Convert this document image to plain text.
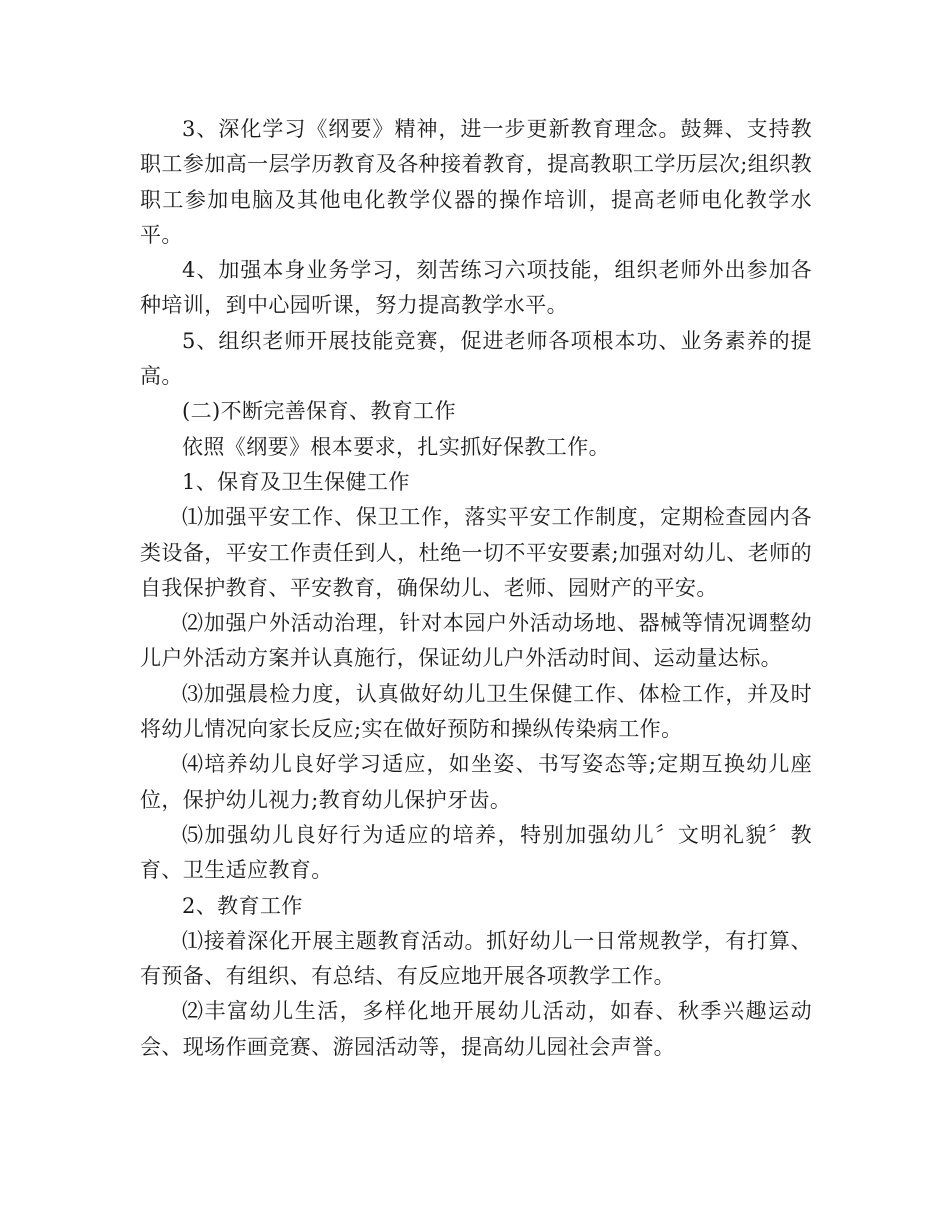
3、深化学习《纲要》精神，进一步更新教育理念。鼓舞、支持教职工参加高一层学历教育及各种接着教育，提高教职工学历层次;组织教职工参加电脑及其他电化教学仪器的操作培训，提高老师电化教学水平。

4、加强本身业务学习，刻苦练习六项技能，组织老师外出参加各种培训，到中心园听课，努力提高教学水平。

5、组织老师开展技能竞赛，促进老师各项根本功、业务素养的提高。

(二)不断完善保育、教育工作

依照《纲要》根本要求，扎实抓好保教工作。

1、保育及卫生保健工作

⑴加强平安工作、保卫工作，落实平安工作制度，定期检查园内各类设备，平安工作责任到人，杜绝一切不平安要素;加强对幼儿、老师的自我保护教育、平安教育，确保幼儿、老师、园财产的平安。

⑵加强户外活动治理，针对本园户外活动场地、器械等情况调整幼儿户外活动方案并认真施行，保证幼儿户外活动时间、运动量达标。

⑶加强晨检力度，认真做好幼儿卫生保健工作、体检工作，并及时将幼儿情况向家长反应;实在做好预防和操纵传染病工作。

⑷培养幼儿良好学习适应，如坐姿、书写姿态等;定期互换幼儿座位，保护幼儿视力;教育幼儿保护牙齿。

⑸加强幼儿良好行为适应的培养，特别加强幼儿〞文明礼貌〞教育、卫生适应教育。

2、教育工作

⑴接着深化开展主题教育活动。抓好幼儿一日常规教学，有打算、有预备、有组织、有总结、有反应地开展各项教学工作。

⑵丰富幼儿生活，多样化地开展幼儿活动，如春、秋季兴趣运动会、现场作画竞赛、游园活动等，提高幼儿园社会声誉。
